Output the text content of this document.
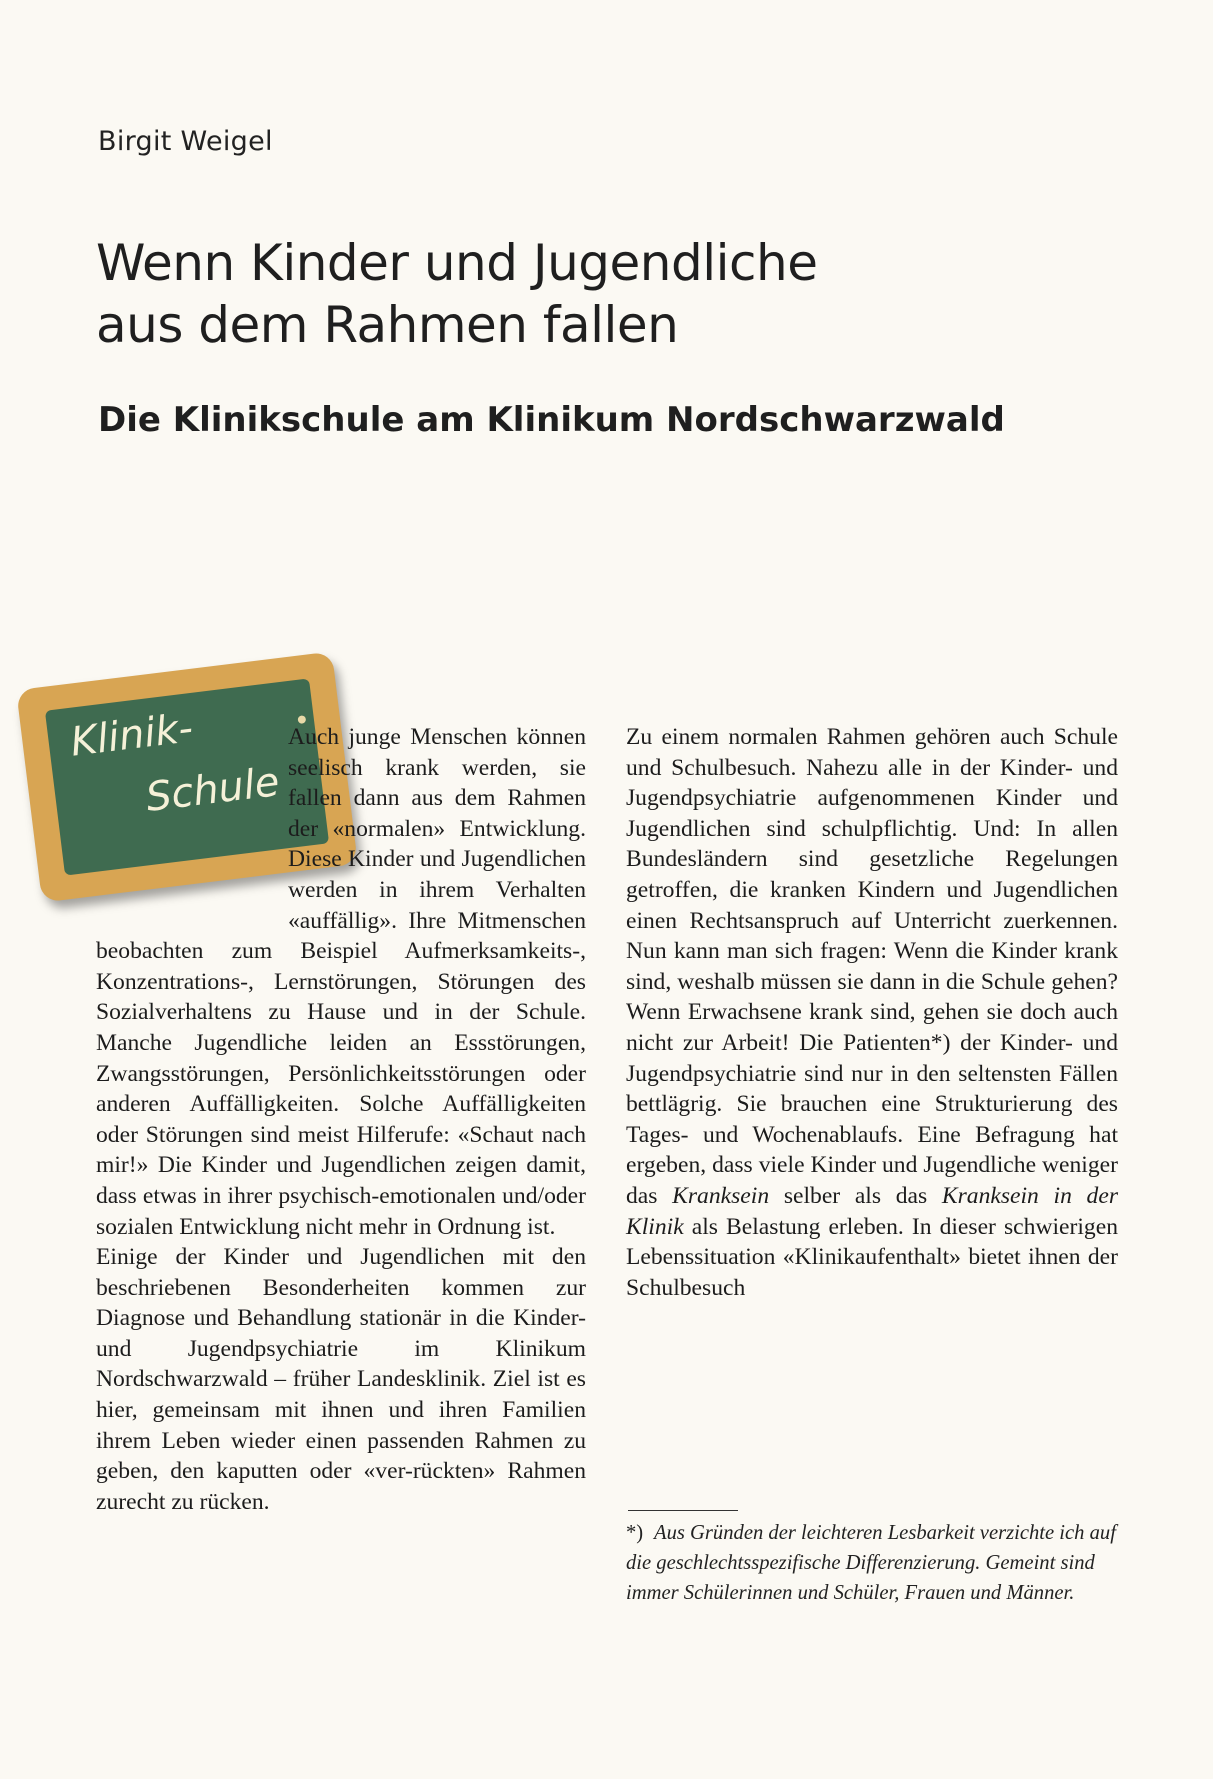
Birgit Weigel
Wenn Kinder und Jugendliche
aus dem Rahmen fallen
Die Klinikschule am Klinikum Nordschwarzwald
Klinik-
Schule

Auch junge Menschen können seelisch krank werden, sie fallen dann aus dem Rahmen der «normalen» Entwicklung. Diese Kinder und Jugendlichen werden in ihrem Verhalten «auffällig». Ihre Mitmenschen beobachten zum Beispiel Aufmerksamkeits-, Konzentrations-, Lernstörungen, Störungen des Sozialverhaltens zu Hause und in der Schule. Manche Jugendliche leiden an Essstörungen, Zwangsstörungen, Persönlichkeitsstörungen oder anderen Auffälligkeiten. Solche Auffälligkeiten oder Störungen sind meist Hilferufe: «Schaut nach mir!» Die Kinder und Jugendlichen zeigen damit, dass etwas in ihrer psychisch-emotionalen und/oder sozialen Entwicklung nicht mehr in Ordnung ist.

Einige der Kinder und Jugendlichen mit den beschriebenen Besonderheiten kommen zur Diagnose und Behandlung stationär in die Kinder- und Jugendpsychiatrie im Klinikum Nordschwarzwald – früher Landesklinik. Ziel ist es hier, gemeinsam mit ihnen und ihren Familien ihrem Leben wieder einen passenden Rahmen zu geben, den kaputten oder «ver-rückten» Rahmen zurecht zu rücken.

Zu einem normalen Rahmen gehören auch Schule und Schulbesuch. Nahezu alle in der Kinder- und Jugendpsychiatrie aufgenommenen Kinder und Jugendlichen sind schulpflichtig. Und: In allen Bundesländern sind gesetzliche Regelungen getroffen, die kranken Kindern und Jugendlichen einen Rechtsanspruch auf Unterricht zuerkennen. Nun kann man sich fragen: Wenn die Kinder krank sind, weshalb müssen sie dann in die Schule gehen? Wenn Erwachsene krank sind, gehen sie doch auch nicht zur Arbeit! Die Patienten*) der Kinder- und Jugendpsychiatrie sind nur in den seltensten Fällen bettlägrig. Sie brauchen eine Strukturierung des Tages- und Wochenablaufs. Eine Befragung hat ergeben, dass viele Kinder und Jugendliche weniger das Kranksein selber als das Kranksein in der Klinik als Belastung erleben. In dieser schwierigen Lebenssituation «Klinikaufenthalt» bietet ihnen der Schulbesuch

*) Aus Gründen der leichteren Lesbarkeit verzichte ich auf die geschlechtsspezifische Differenzierung. Gemeint sind immer Schülerinnen und Schüler, Frauen und Männer.
